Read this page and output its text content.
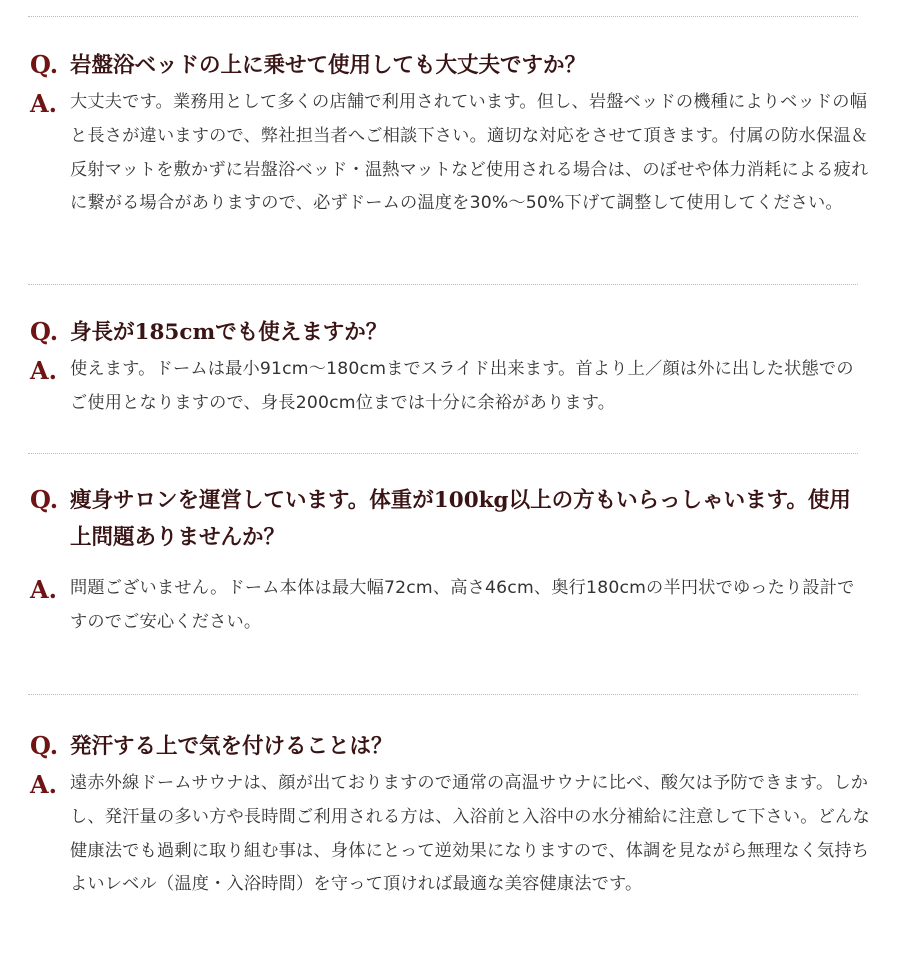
Q. 岩盤浴ベッドの上に乗せて使用しても大丈夫ですか？
A. 大丈夫です。業務用として多くの店舗で利用されています。但し、岩盤ベッドの機種によりベッドの幅と長さが違いますので、弊社担当者へご相談下さい。適切な対応をさせて頂きます。付属の防水保温＆反射マットを敷かずに岩盤浴ベッド・温熱マットなど使用される場合は、のぼせや体力消耗による疲れに繋がる場合がありますので、必ずドームの温度を30%～50%下げて調整して使用してください。
Q. 身長が185cmでも使えますか？
A. 使えます。ドームは最小91cm～180cmまでスライド出来ます。首より上／顔は外に出した状態でのご使用となりますので、身長200cm位までは十分に余裕があります。
Q. 痩身サロンを運営しています。体重が100kg以上の方もいらっしゃいます。使用上問題ありませんか？
A. 問題ございません。ドーム本体は最大幅72cm、高さ46cm、奥行180cmの半円状でゆったり設計ですのでご安心ください。
Q. 発汗する上で気を付けることは？
A. 遠赤外線ドームサウナは、顔が出ておりますので通常の高温サウナに比べ、酸欠は予防できます。しかし、発汗量の多い方や長時間ご利用される方は、入浴前と入浴中の水分補給に注意して下さい。どんな健康法でも過剰に取り組む事は、身体にとって逆効果になりますので、体調を見ながら無理なく気持ちよいレベル（温度・入浴時間）を守って頂ければ最適な美容健康法です。
